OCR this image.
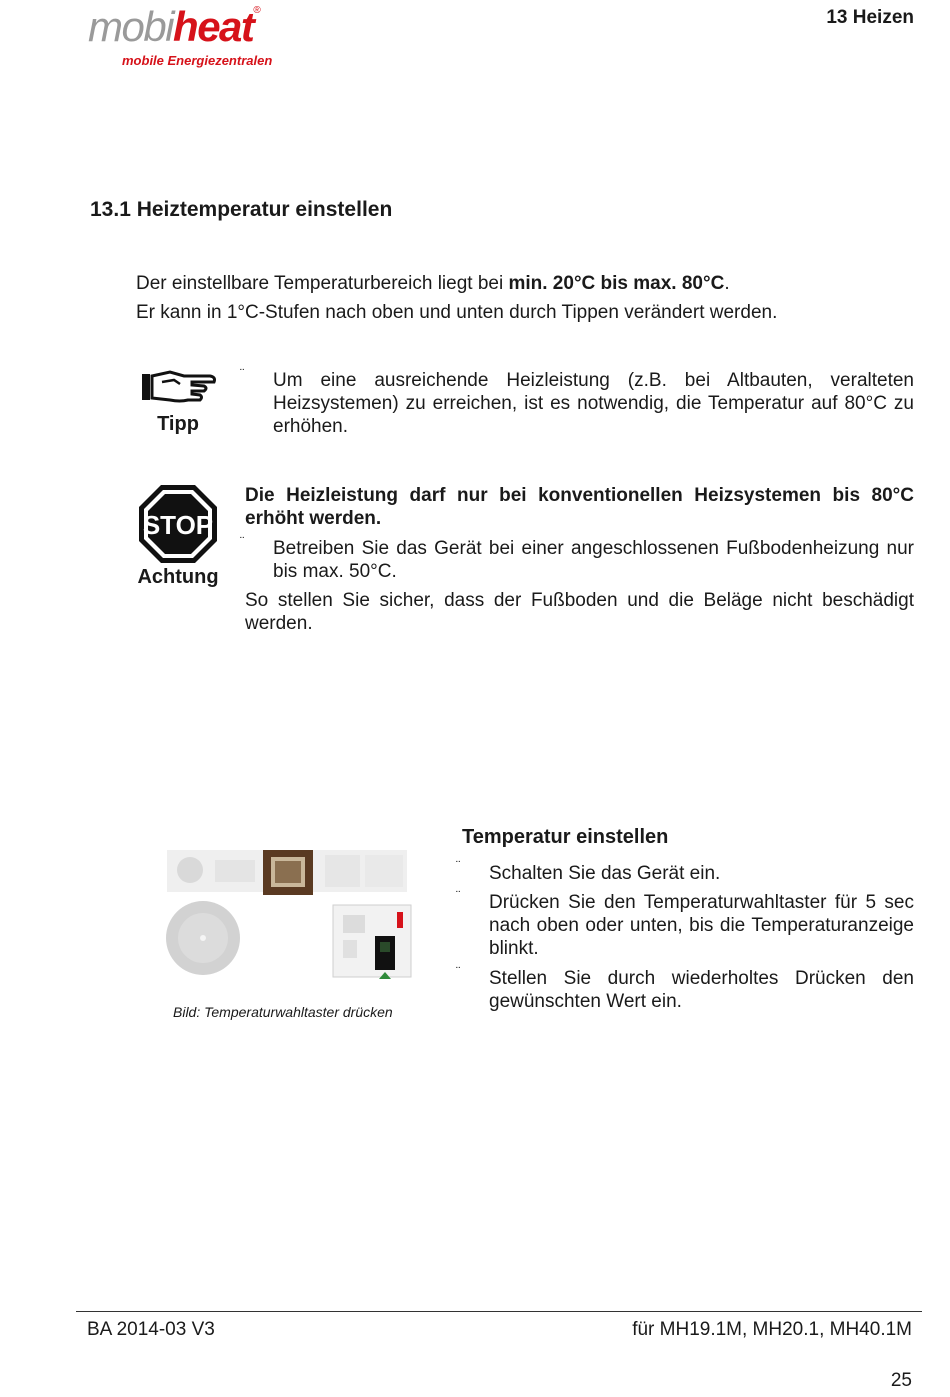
mobiheat®
mobile Energiezentralen
13 Heizen
13.1 Heiztemperatur einstellen
Der einstellbare Temperaturbereich liegt bei min. 20°C bis max. 80°C.
Er kann in 1°C-Stufen nach oben und unten durch Tippen verändert werden.
Tipp
¨ Um eine ausreichende Heizleistung (z.B. bei Altbauten, veralteten Heizsystemen) zu erreichen, ist es notwendig, die Temperatur auf 80°C zu erhöhen.
STOP
Achtung
Die Heizleistung darf nur bei konventionellen Heizsystemen bis 80°C erhöht werden.
¨ Betreiben Sie das Gerät bei einer angeschlossenen Fußbodenheizung nur bis max. 50°C.
So stellen Sie sicher, dass der Fußboden und die Beläge nicht beschädigt werden.
Bild: Temperaturwahltaster drücken
Temperatur einstellen
¨ Schalten Sie das Gerät ein.
¨ Drücken Sie den Temperaturwahltaster für 5 sec nach oben oder unten, bis die Temperaturanzeige blinkt.
¨ Stellen Sie durch wiederholtes Drücken den gewünschten Wert ein.
BA 2014-03 V3	für MH19.1M, MH20.1, MH40.1M
25
